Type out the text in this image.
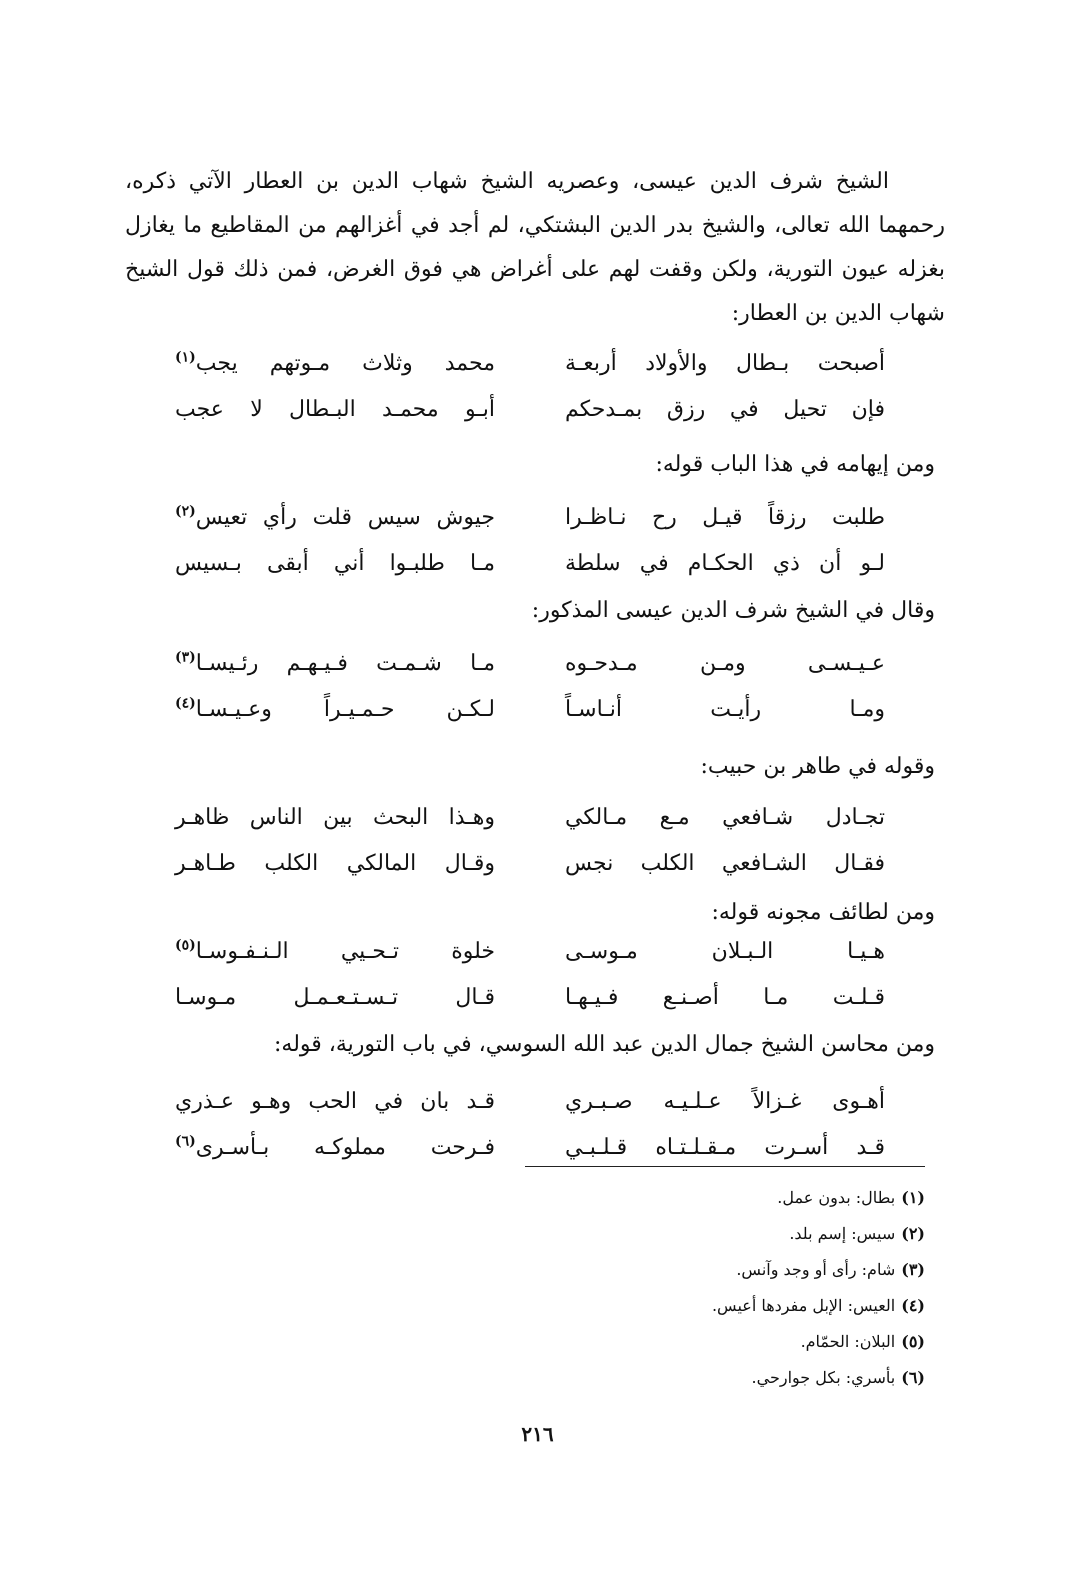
الشيخ شرف الدين عيسى، وعصريه الشيخ شهاب الدين بن العطار الآتي ذكره، رحمهما الله تعالى، والشيخ بدر الدين البشتكي، لم أجد في أغزالهم من المقاطيع ما يغازل بغزله عيون التورية، ولكن وقفت لهم على أغراض هي فوق الغرض، فمن ذلك قول الشيخ شهاب الدين بن العطار:

أصبحت بـطال والأولاد أربعـة
محمد وثلاث مـوتهم يجب$^{(١)}$
فإن تحيل في رزق بمـدحكم
أبـو محمـد البـطال لا عجب

ومن إيهامه في هذا الباب قوله:

طلبت رزقاً قيـل رح نـاظـرا
جيوش سيس قلت رأي تعيس$^{(٢)}$
لـو أن ذي الحكـام في سلطة
مـا طلبـوا أني أبقى بـسيس

وقال في الشيخ شرف الدين عيسى المذكور:

عـيـسـى ومـن مـدحـوه
مـا شـمـت فـيـهـم رئـيسـا$^{(٣)}$
ومـا رأيـت أنـاسـاً
لـكـن حـمـيـراً وعـيـسـا$^{(٤)}$

وقوله في طاهر بن حبيب:

تجـادل شـافعي مـع مـالكي
وهـذا البحث بين الناس ظاهـر
فقـال الشـافعي الكلب نجس
وقـال المالكي الكلب طـاهـر

ومن لطائف مجونه قوله:

هـيـا الـبـلان مـوسـى
خلوة تـحـيي الـنـفـوسـا$^{(٥)}$
قـلـت مـا أصـنـع فـيـهـا
قـال تـسـتـعـمـل مـوسـا

ومن محاسن الشيخ جمال الدين عبد الله السوسي، في باب التورية، قوله:

أهـوى غـزالاً عـلـيـه صـبـري
قـد بان في الحب وهـو عـذري
قـد أسـرت مـقـلـتـاه قـلـبـي
فـرحت مملوكـه بـأسـرى$^{(٦)}$
(١)بطال: بدون عمل.
(٢)سيس: إسم بلد.
(٣)شام: رأى أو وجد وآنس.
(٤)العيس: الإبل مفردها أعيس.
(٥)البلان: الحمّام.
(٦)بأسري: بكل جوارحي.
٢١٦
